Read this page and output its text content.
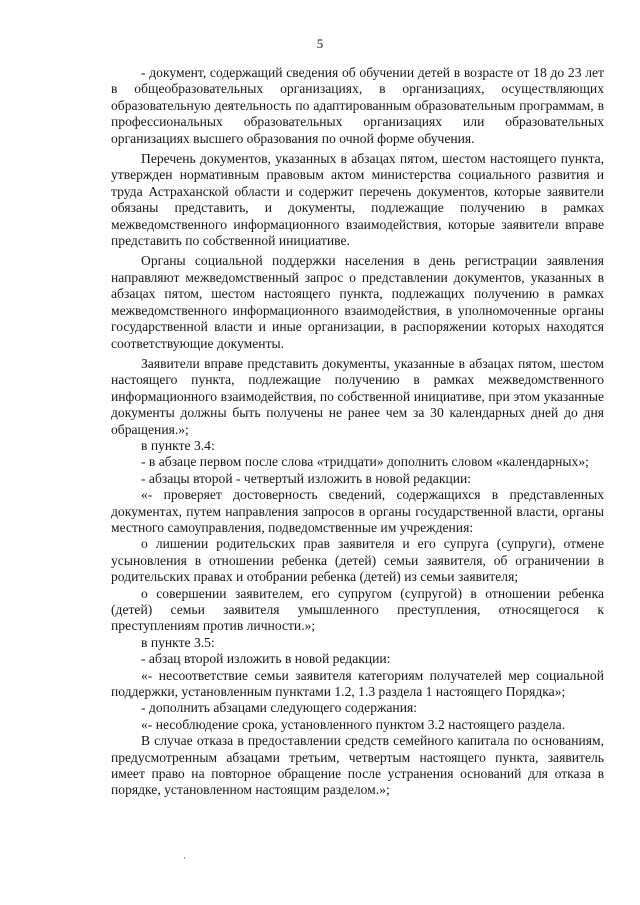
5

- документ, содержащий сведения об обучении детей в возрасте от 18 до 23 лет в общеобразовательных организациях, в организациях, осуществляющих образовательную деятельность по адаптированным образовательным программам, в профессиональных образовательных организациях или образовательных организациях высшего образования по очной форме обучения.

Перечень документов, указанных в абзацах пятом, шестом настоящего пункта, утвержден нормативным правовым актом министерства социального развития и труда Астраханской области и содержит перечень документов, которые заявители обязаны представить, и документы, подлежащие получению в рамках межведомственного информационного взаимодействия, которые заявители вправе представить по собственной инициативе.

Органы социальной поддержки населения в день регистрации заявления направляют межведомственный запрос о представлении документов, указанных в абзацах пятом, шестом настоящего пункта, подлежащих получению в рамках межведомственного информационного взаимодействия, в уполномоченные органы государственной власти и иные организации, в распоряжении которых находятся соответствующие документы.

Заявители вправе представить документы, указанные в абзацах пятом, шестом настоящего пункта, подлежащие получению в рамках межведомственного информационного взаимодействия, по собственной инициативе, при этом указанные документы должны быть получены не ранее чем за 30 календарных дней до дня обращения.»;

в пункте 3.4:

- в абзаце первом после слова «тридцати» дополнить словом «календарных»;

- абзацы второй - четвертый изложить в новой редакции:

«- проверяет достоверность сведений, содержащихся в представленных документах, путем направления запросов в органы государственной власти, органы местного самоуправления, подведомственные им учреждения:

о лишении родительских прав заявителя и его супруга (супруги), отмене усыновления в отношении ребенка (детей) семьи заявителя, об ограничении в родительских правах и отобрании ребенка (детей) из семьи заявителя;

о совершении заявителем, его супругом (супругой) в отношении ребенка (детей) семьи заявителя умышленного преступления, относящегося к преступлениям против личности.»;

в пункте 3.5:

- абзац второй изложить в новой редакции:

«- несоответствие семьи заявителя категориям получателей мер социальной поддержки, установленным пунктами 1.2, 1.3 раздела 1 настоящего Порядка»;

- дополнить абзацами следующего содержания:

«- несоблюдение срока, установленного пунктом 3.2 настоящего раздела.

В случае отказа в предоставлении средств семейного капитала по основаниям, предусмотренным абзацами третьим, четвертым настоящего пункта, заявитель имеет право на повторное обращение после устранения оснований для отказа в порядке, установленном настоящим разделом.»;
